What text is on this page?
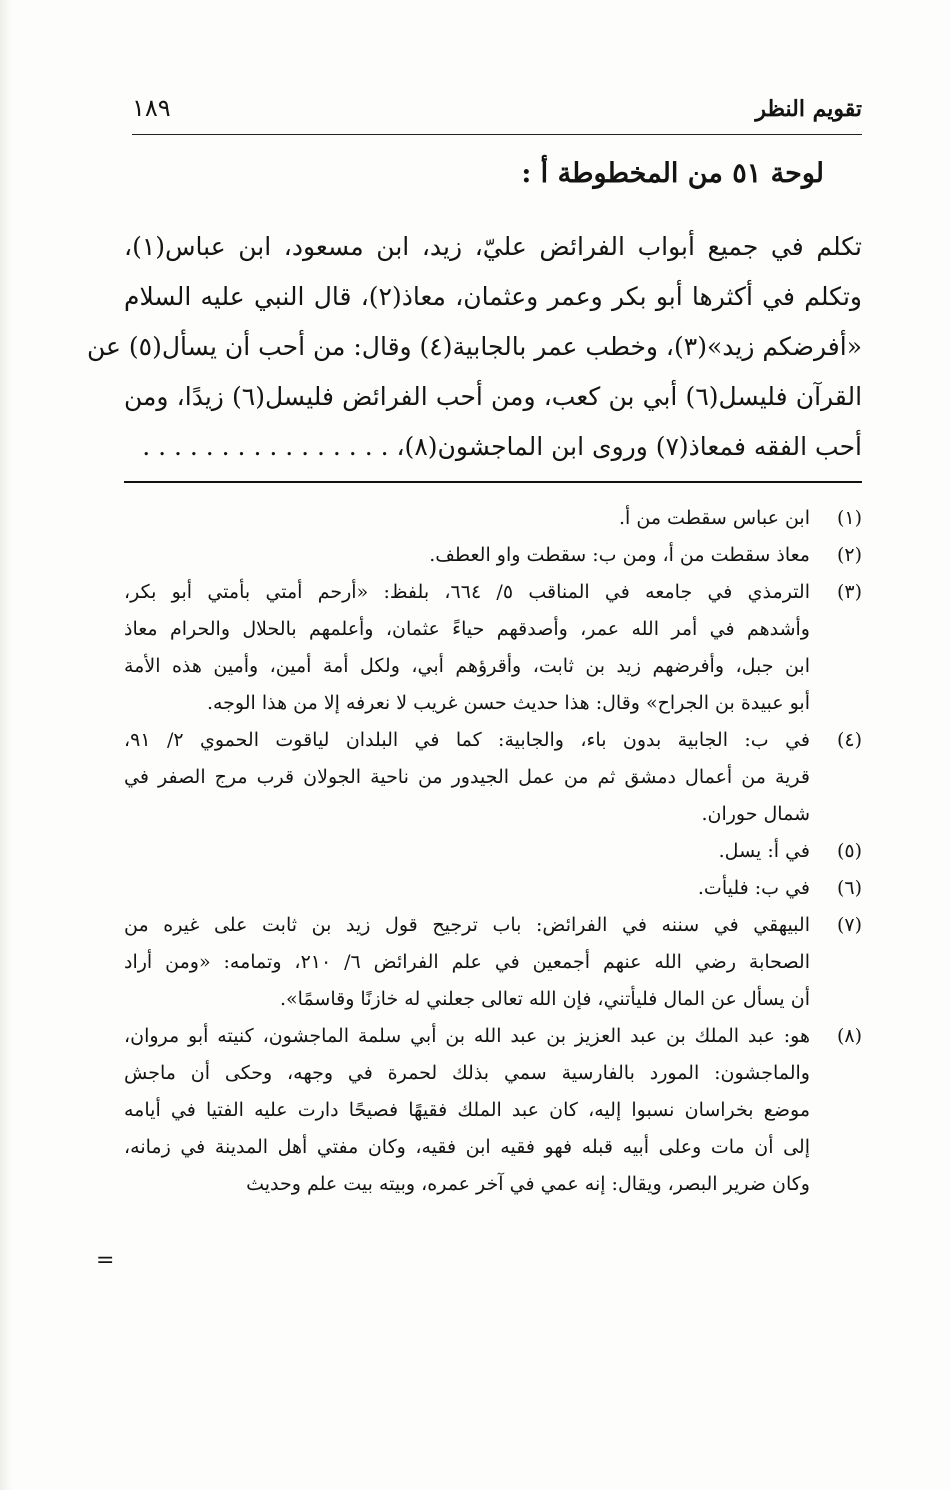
تقويم النظر
١٨٩
لوحة ٥١ من المخطوطة أ :
تكلم في جميع أبواب الفرائض عليّ، زيد، ابن مسعود، ابن عباس(١)،
وتكلم في أكثرها أبو بكر وعمر وعثمان، معاذ(٢)، قال النبي عليه السلام
«أفرضكم زيد»(٣)، وخطب عمر بالجابية(٤) وقال: من أحب أن يسأل(٥) عن
القرآن فليسل(٦) أبي بن كعب، ومن أحب الفرائض فليسل(٦) زيدًا، ومن
أحب الفقه فمعاذ(٧) وروى ابن الماجشون(٨)، . . . . . . . . . . . . . . . .
(١)
ابن عباس سقطت من أ.
(٢)
معاذ سقطت من أ، ومن ب: سقطت واو العطف.
(٣)
الترمذي في جامعه في المناقب ٥/ ٦٦٤، بلفظ: «أرحم أمتي بأمتي أبو بكر،
وأشدهم في أمر الله عمر، وأصدقهم حياءً عثمان، وأعلمهم بالحلال والحرام معاذ
ابن جبل، وأفرضهم زيد بن ثابت، وأقرؤهم أبي، ولكل أمة أمين، وأمين هذه الأمة
أبو عبيدة بن الجراح» وقال: هذا حديث حسن غريب لا نعرفه إلا من هذا الوجه.
(٤)
في ب: الجابية بدون باء، والجابية: كما في البلدان لياقوت الحموي ٢/ ٩١،
قرية من أعمال دمشق ثم من عمل الجيدور من ناحية الجولان قرب مرج الصفر في
شمال حوران.
(٥)
في أ: يسل.
(٦)
في ب: فليأت.
(٧)
البيهقي في سننه في الفرائض: باب ترجيح قول زيد بن ثابت على غيره من
الصحابة رضي الله عنهم أجمعين في علم الفرائض ٦/ ٢١٠، وتمامه: «ومن أراد
أن يسأل عن المال فليأتني، فإن الله تعالى جعلني له خازنًا وقاسمًا».
(٨)
هو: عبد الملك بن عبد العزيز بن عبد الله بن أبي سلمة الماجشون، كنيته أبو مروان،
والماجشون: المورد بالفارسية سمي بذلك لحمرة في وجهه، وحكى أن ماجش
موضع بخراسان نسبوا إليه، كان عبد الملك فقيهًا فصيحًا دارت عليه الفتيا في أيامه
إلى أن مات وعلى أبيه قبله فهو فقيه ابن فقيه، وكان مفتي أهل المدينة في زمانه،
وكان ضرير البصر، ويقال: إنه عمي في آخر عمره، وبيته بيت علم وحديث
=
